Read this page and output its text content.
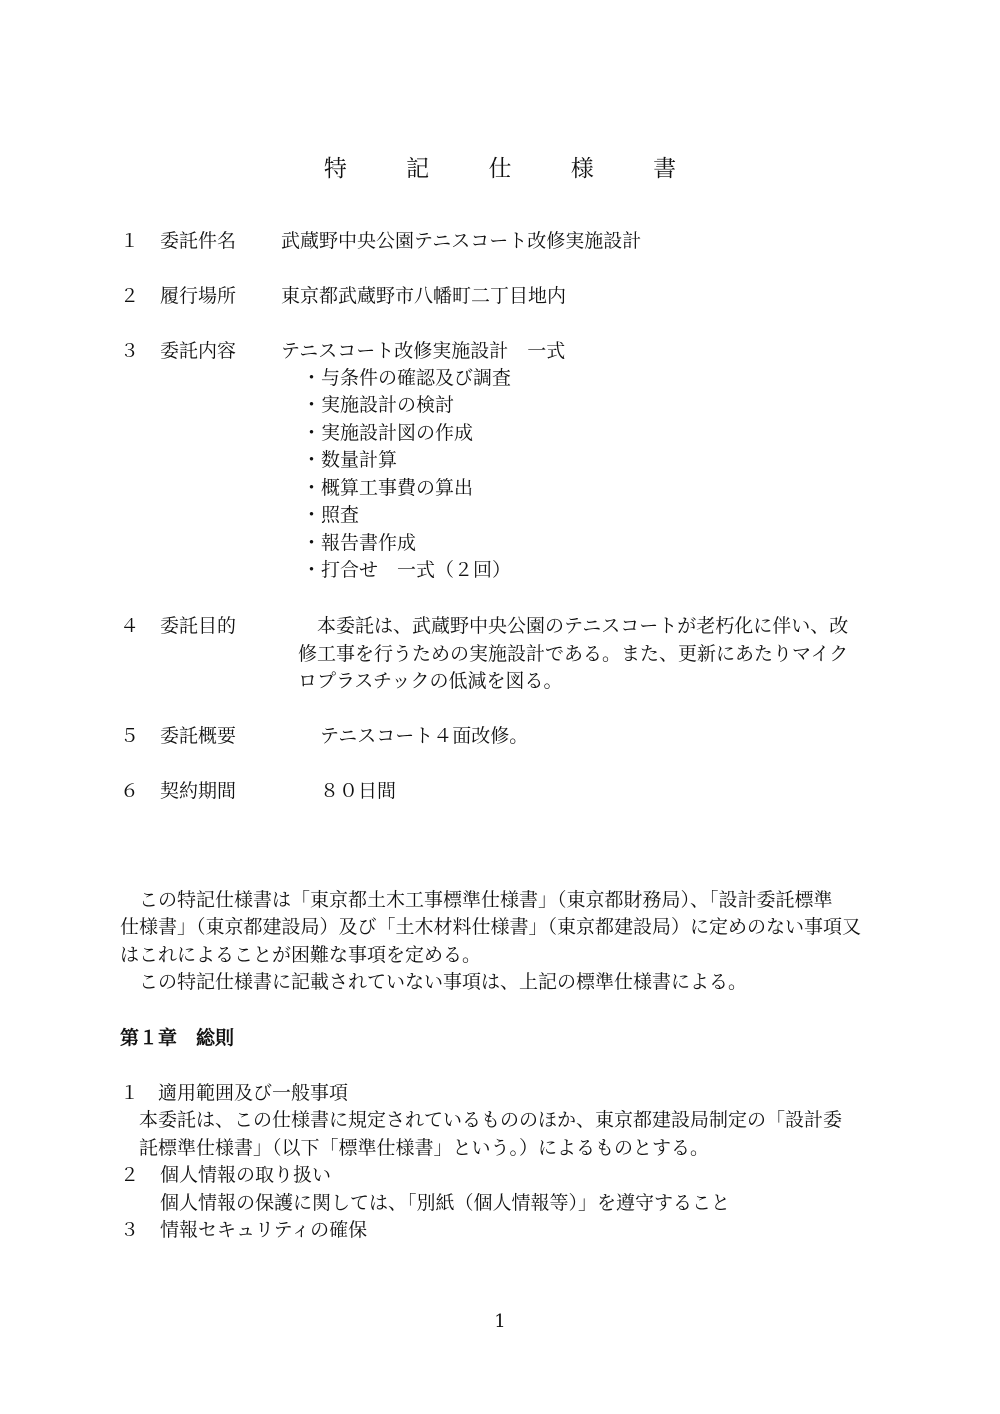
特 記 仕 様 書
１ 委託件名 武蔵野中央公園テニスコート改修実施設計
２ 履行場所 東京都武蔵野市八幡町二丁目地内
３ 委託内容 テニスコート改修実施設計　一式
・与条件の確認及び調査
・実施設計の検討
・実施設計図の作成
・数量計算
・概算工事費の算出
・照査
・報告書作成
・打合せ　一式（２回）
４ 委託目的	　本委託は、武蔵野中央公園のテニスコートが老朽化に伴い、改
修工事を行うための実施設計である。また、更新にあたりマイク
ロプラスチックの低減を図る。
５ 委託概要	テニスコート４面改修。
６ 契約期間	８０日間
　この特記仕様書は「東京都土木工事標準仕様書」（東京都財務局）、「設計委託標準
仕様書」（東京都建設局）及び「土木材料仕様書」（東京都建設局）に定めのない事項又
はこれによることが困難な事項を定める。
　この特記仕様書に記載されていない事項は、上記の標準仕様書による。
第１章　総則
１　適用範囲及び一般事項
本委託は、この仕様書に規定されているもののほか、東京都建設局制定の「設計委
託標準仕様書」（以下「標準仕様書」という。）によるものとする。
２ 個人情報の取り扱い
個人情報の保護に関しては、「別紙（個人情報等）」を遵守すること
３ 情報セキュリティの確保
1
